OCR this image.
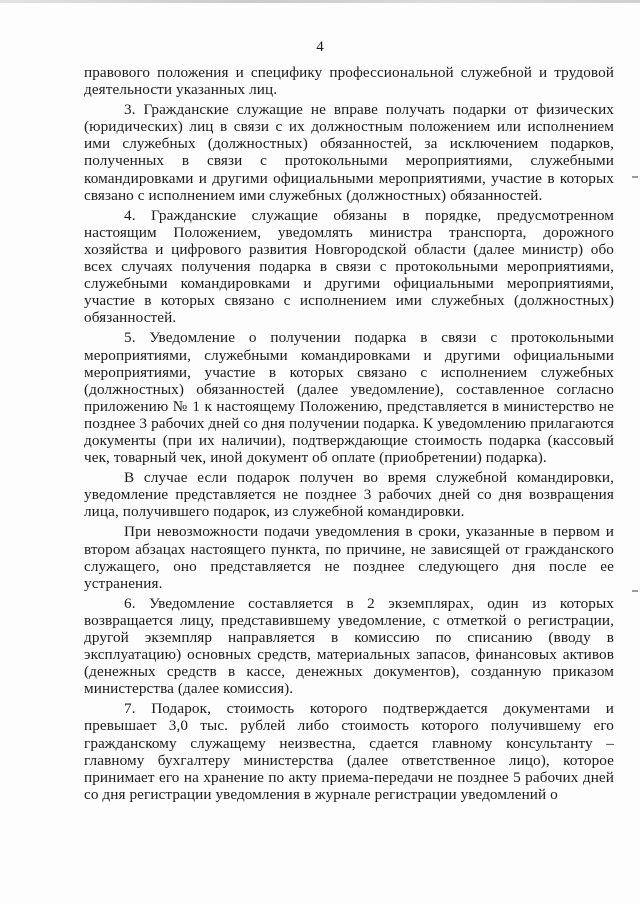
4

правового положения и специфику профессиональной служебной и трудовой деятельности указанных лиц.

3. Гражданские служащие не вправе получать подарки от физических (юридических) лиц в связи с их должностным положением или исполнением ими служебных (должностных) обязанностей, за исключением подарков, полученных в связи с протокольными мероприятиями, служебными командировками и другими официальными мероприятиями, участие в которых связано с исполнением ими служебных (должностных) обязанностей.

4. Гражданские служащие обязаны в порядке, предусмотренном настоящим Положением, уведомлять министра транспорта, дорожного хозяйства и цифрового развития Новгородской области (далее министр) обо всех случаях получения подарка в связи с протокольными мероприятиями, служебными командировками и другими официальными мероприятиями, участие в которых связано с исполнением ими служебных (должностных) обязанностей.

5. Уведомление о получении подарка в связи с протокольными мероприятиями, служебными командировками и другими официальными мероприятиями, участие в которых связано с исполнением служебных (должностных) обязанностей (далее уведомление), составленное согласно приложению № 1 к настоящему Положению, представляется в министерство не позднее 3 рабочих дней со дня получении подарка. К уведомлению прилагаются документы (при их наличии), подтверждающие стоимость подарка (кассовый чек, товарный чек, иной документ об оплате (приобретении) подарка).

В случае если подарок получен во время служебной командировки, уведомление представляется не позднее 3 рабочих дней со дня возвращения лица, получившего подарок, из служебной командировки.

При невозможности подачи уведомления в сроки, указанные в первом и втором абзацах настоящего пункта, по причине, не зависящей от гражданского служащего, оно представляется не позднее следующего дня после ее устранения.

6. Уведомление составляется в 2 экземплярах, один из которых возвращается лицу, представившему уведомление, с отметкой о регистрации, другой экземпляр направляется в комиссию по списанию (вводу в эксплуатацию) основных средств, материальных запасов, финансовых активов (денежных средств в кассе, денежных документов), созданную приказом министерства (далее комиссия).

7. Подарок, стоимость которого подтверждается документами и превышает 3,0 тыс. рублей либо стоимость которого получившему его гражданскому служащему неизвестна, сдается главному консультанту – главному бухгалтеру министерства (далее ответственное лицо), которое принимает его на хранение по акту приема-передачи не позднее 5 рабочих дней со дня регистрации уведомления в журнале регистрации уведомлений о
